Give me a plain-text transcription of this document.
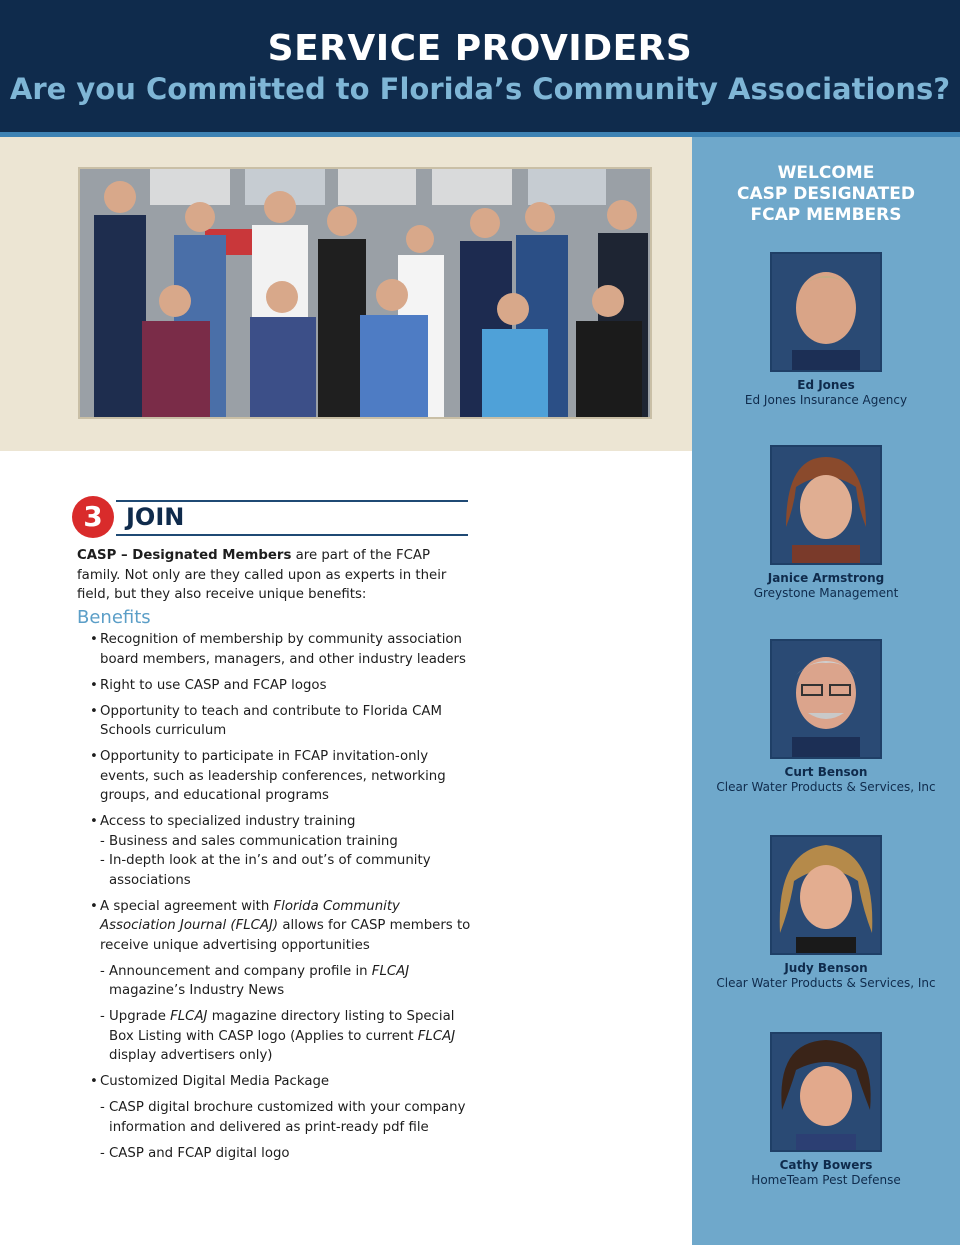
SERVICE PROVIDERS
Are you Committed to Florida’s Community Associations?
WELCOME
CASP DESIGNATED
FCAP MEMBERS
Ed Jones
Ed Jones Insurance Agency
Janice Armstrong
Greystone Management
Curt Benson
Clear Water Products & Services, Inc
Judy Benson
Clear Water Products & Services, Inc
Cathy Bowers
HomeTeam Pest Defense
3 JOIN
CASP – Designated Members are part of the FCAP family. Not only are they called upon as experts in their field, but they also receive unique benefits:
Benefits
• Recognition of membership by community association board members, managers, and other industry leaders
• Right to use CASP and FCAP logos
• Opportunity to teach and contribute to Florida CAM Schools curriculum
• Opportunity to participate in FCAP invitation-only events, such as leadership conferences, networking groups, and educational programs
• Access to specialized industry training
- Business and sales communication training
- In-depth look at the in’s and out’s of community associations
• A special agreement with Florida Community Association Journal (FLCAJ) allows for CASP members to receive unique advertising opportunities
- Announcement and company profile in FLCAJ magazine’s Industry News
- Upgrade FLCAJ magazine directory listing to Special Box Listing with CASP logo (Applies to current FLCAJ display advertisers only)
• Customized Digital Media Package
- CASP digital brochure customized with your company information and delivered as print-ready pdf file
- CASP and FCAP digital logo
